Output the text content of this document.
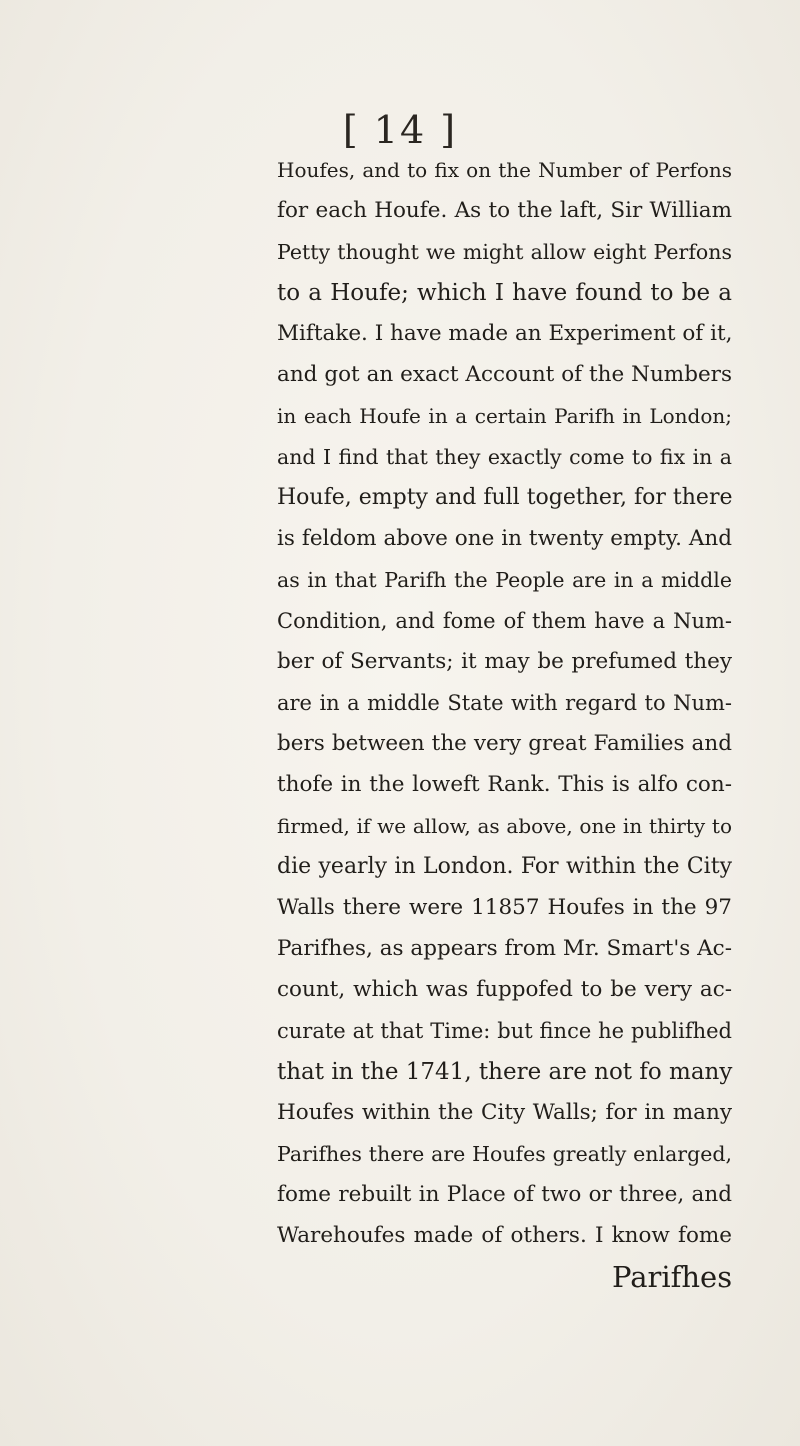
[ 14 ]
Houfes, and to fix on the Number of Perfons
for each Houfe. As to the laft, Sir William
Petty thought we might allow eight Perfons
to a Houfe; which I have found to be a
Miftake. I have made an Experiment of it,
and got an exact Account of the Numbers
in each Houfe in a certain Parifh in London;
and I find that they exactly come to fix in a
Houfe, empty and full together, for there
is feldom above one in twenty empty. And
as in that Parifh the People are in a middle
Condition, and fome of them have a Num-
ber of Servants; it may be prefumed they
are in a middle State with regard to Num-
bers between the very great Families and
thofe in the loweft Rank. This is alfo con-
firmed, if we allow, as above, one in thirty to
die yearly in London. For within the City
Walls there were 11857 Houfes in the 97
Parifhes, as appears from Mr. Smart's Ac-
count, which was fuppofed to be very ac-
curate at that Time: but fince he publifhed
that in the 1741, there are not fo many
Houfes within the City Walls; for in many
Parifhes there are Houfes greatly enlarged,
fome rebuilt in Place of two or three, and
Warehoufes made of others. I know fome
Parifhes
